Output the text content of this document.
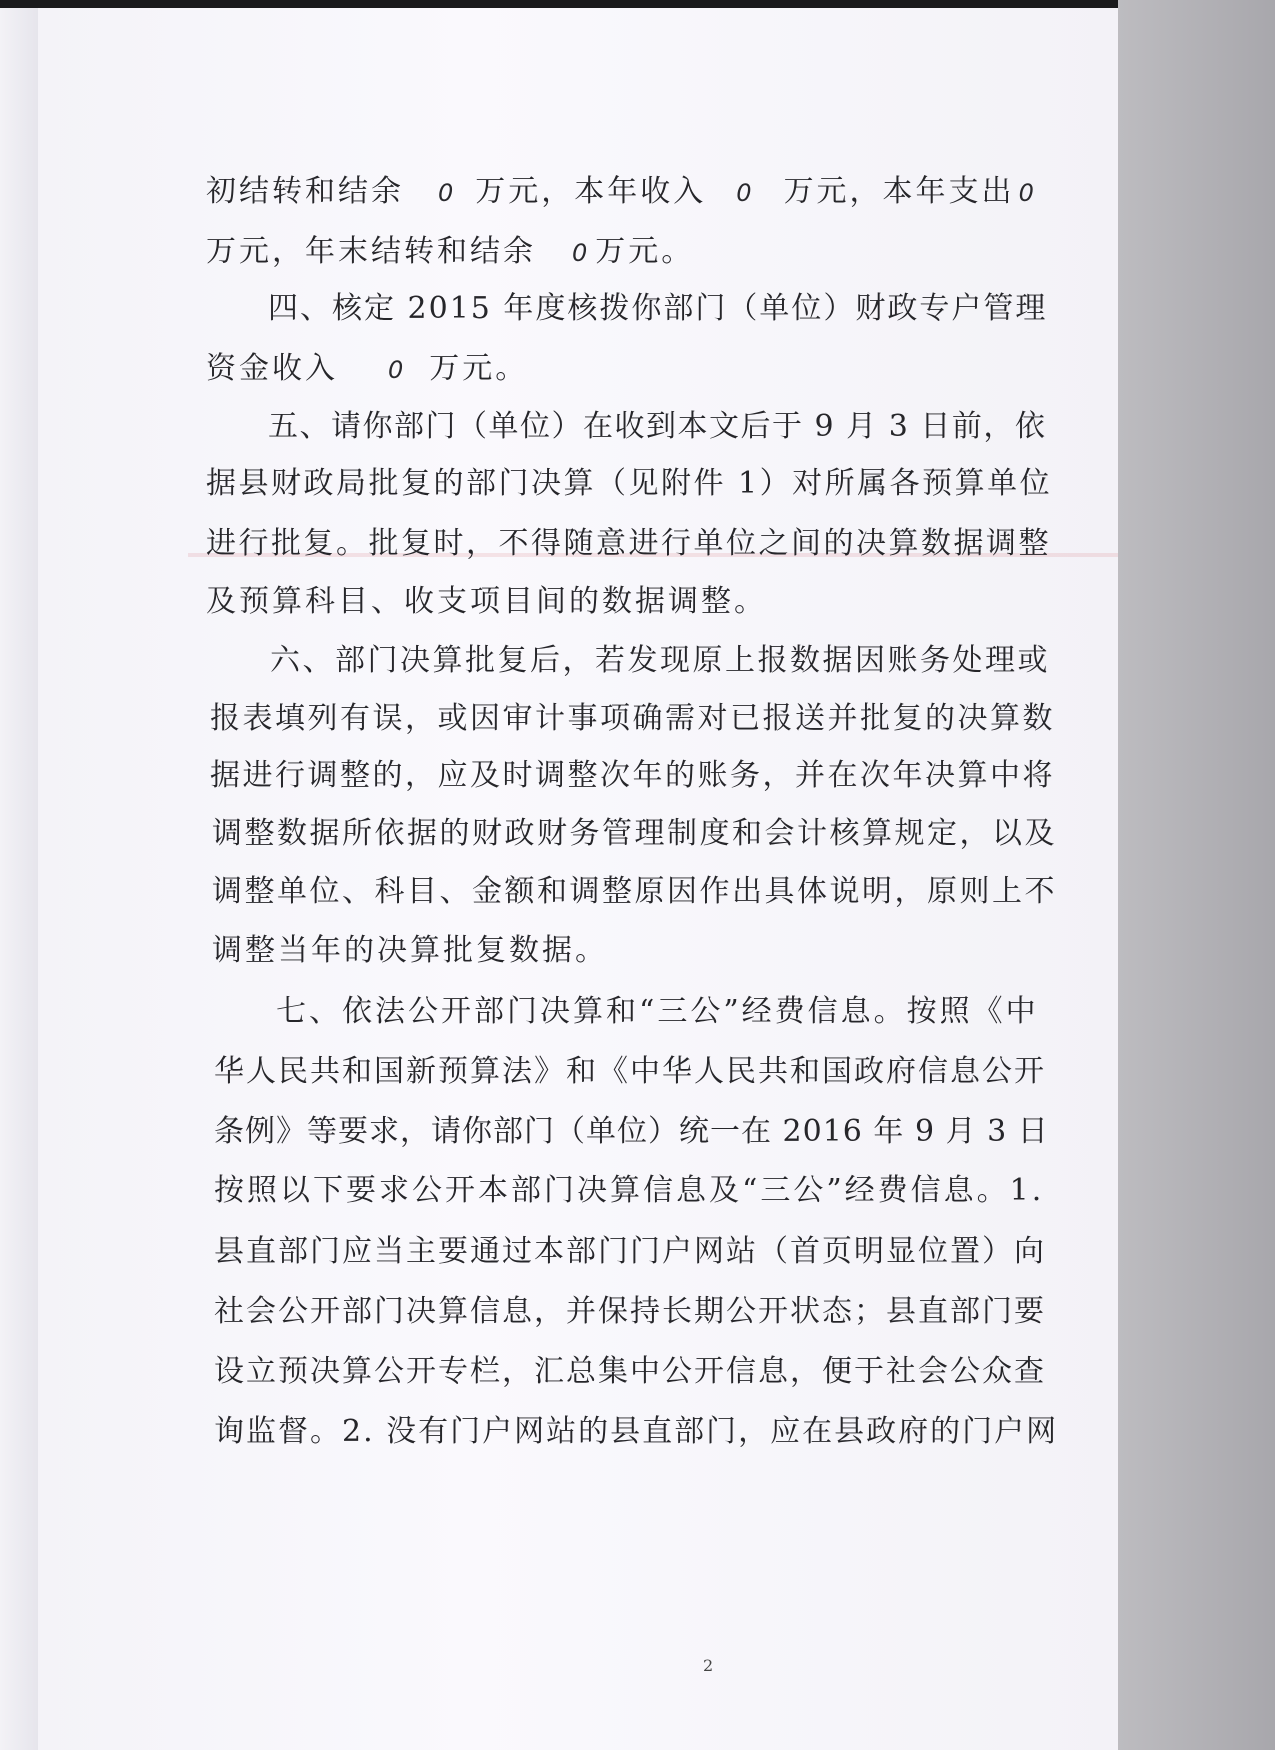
初结转和结余 0 万元，本年收入 0 万元，本年支出 0

万元，年末结转和结余 0 万元。

四、核定 2015 年度核拨你部门（单位）财政专户管理

资金收入 0 万元。

五、请你部门（单位）在收到本文后于 9 月 3 日前，依

据县财政局批复的部门决算（见附件 1）对所属各预算单位

进行批复。批复时，不得随意进行单位之间的决算数据调整

及预算科目、收支项目间的数据调整。

六、部门决算批复后，若发现原上报数据因账务处理或

报表填列有误，或因审计事项确需对已报送并批复的决算数

据进行调整的，应及时调整次年的账务，并在次年决算中将

调整数据所依据的财政财务管理制度和会计核算规定，以及

调整单位、科目、金额和调整原因作出具体说明，原则上不

调整当年的决算批复数据。

七、依法公开部门决算和“三公”经费信息。按照《中

华人民共和国新预算法》和《中华人民共和国政府信息公开

条例》等要求，请你部门（单位）统一在 2016 年 9 月 3 日

按照以下要求公开本部门决算信息及“三公”经费信息。1.

县直部门应当主要通过本部门门户网站（首页明显位置）向

社会公开部门决算信息，并保持长期公开状态；县直部门要

设立预决算公开专栏，汇总集中公开信息，便于社会公众查

询监督。2. 没有门户网站的县直部门，应在县政府的门户网

2
